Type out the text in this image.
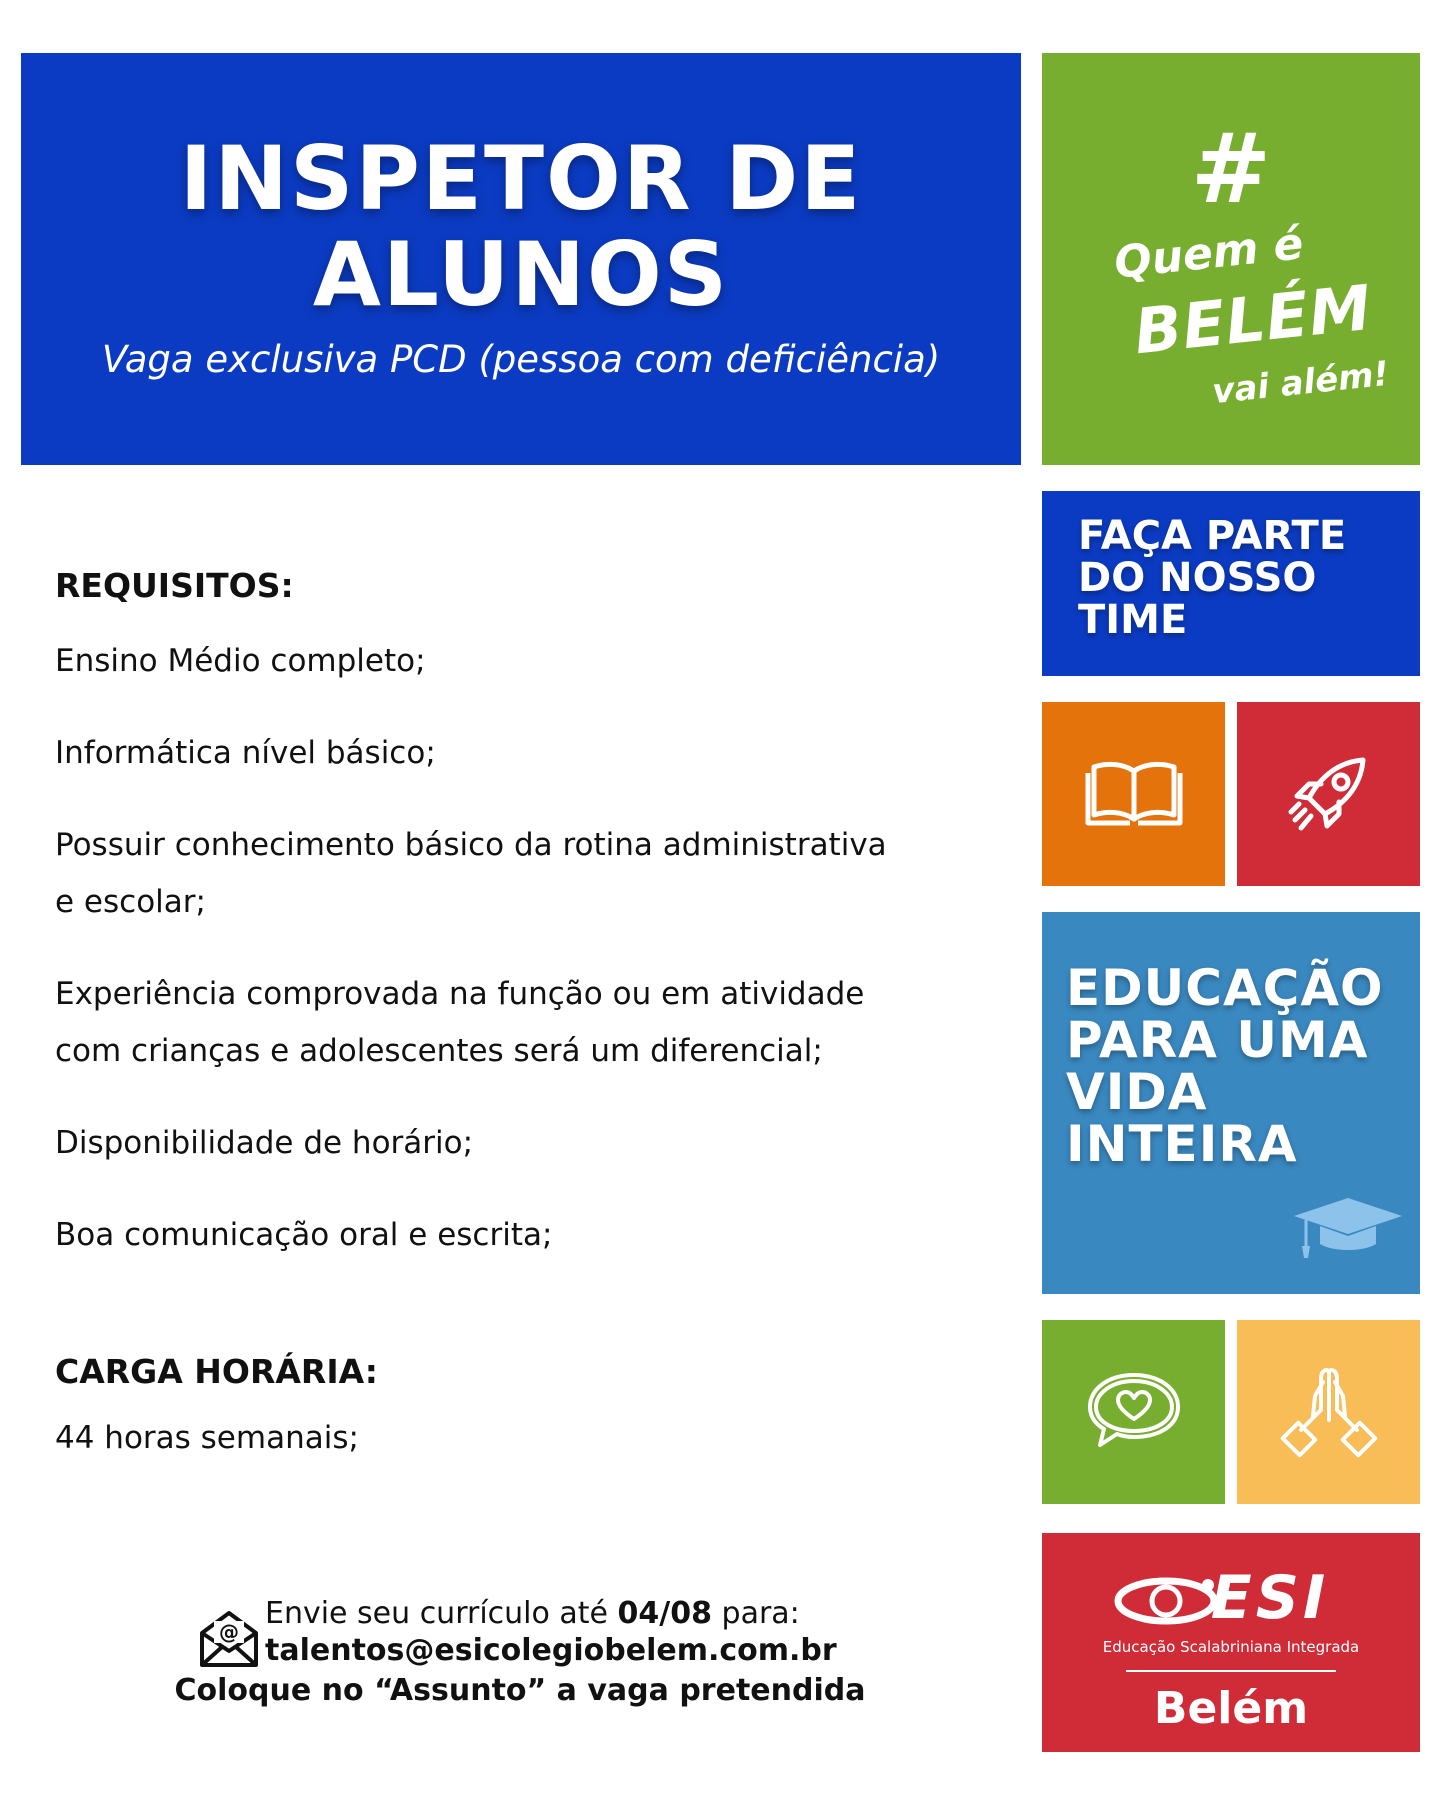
INSPETOR DE
ALUNOS
Vaga exclusiva PCD (pessoa com deficiência)
#
Quem é
BELÉM
vai além!
FAÇA PARTE
DO NOSSO
TIME
EDUCAÇÃO
PARA UMA
VIDA
INTEIRA
ESI
Educação Scalabriniana Integrada
Belém
REQUISITOS:
Ensino Médio completo;
Informática nível básico;
Possuir conhecimento básico da rotina administrativa
e escolar;
Experiência comprovada na função ou em atividade
com crianças e adolescentes será um diferencial;
Disponibilidade de horário;
Boa comunicação oral e escrita;
CARGA HORÁRIA:
44 horas semanais;
@
Envie seu currículo até 04/08 para:
talentos@esicolegiobelem.com.br
Coloque no “Assunto” a vaga pretendida
